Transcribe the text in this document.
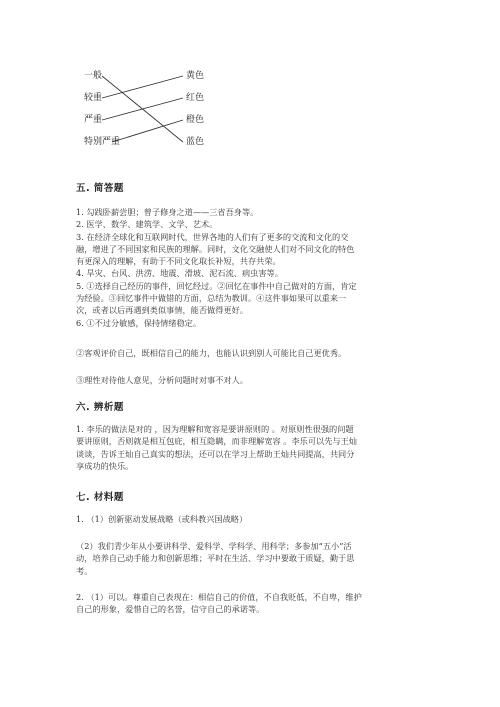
一般
较重
严重
特别严重
黄色
红色
橙色
蓝色
五. 简答题
1. 勾践卧薪尝胆；曾子修身之道——三省吾身等。
2. 医学、数学、建筑学、文学、艺术。
3. 在经济全球化和互联网时代，世界各地的人们有了更多的交流和文化的交
融，增进了不同国家和民族的理解。同时，文化交融使人们对不同文化的特色
有更深入的理解，有助于不同文化取长补短，共存共荣。
4. 旱灾、台风、洪涝、地震、滑坡、泥石流、病虫害等。
5. ①选择自己经历的事件，回忆经过。②回忆在事件中自己做对的方面，肯定
为经验。③回忆事件中做错的方面，总结为教训。④这件事如果可以重来一
次，或者以后再遇到类似事情，能否做得更好。
6. ①不过分敏感，保持情绪稳定。
②客观评价自己，既相信自己的能力，也能认识到别人可能比自己更优秀。
③理性对待他人意见，分析问题时对事不对人。
六. 辨析题
1. 李乐的做法是对的 ，因为理解和宽容是要讲原则的 。对原则性很强的问题
要讲原则，否则就是相互包庇，相互隐瞒，而非理解宽容 。李乐可以先与王灿
谈谈，告诉王灿自己真实的想法，还可以在学习上帮助王灿共同提高，共同分
享成功的快乐。
七. 材料题
1. （1）创新驱动发展战略（或科教兴国战略）
（2）我们青少年从小要讲科学、爱科学、学科学、用科学；多参加“五小”活
动，培养自己动手能力和创新思维；平时在生活、学习中要敢于质疑，勤于思
考。
2. （1）可以。尊重自己表现在：相信自己的价值，不自我贬低，不自卑，维护
自己的形象，爱惜自己的名誉，信守自己的承诺等。
